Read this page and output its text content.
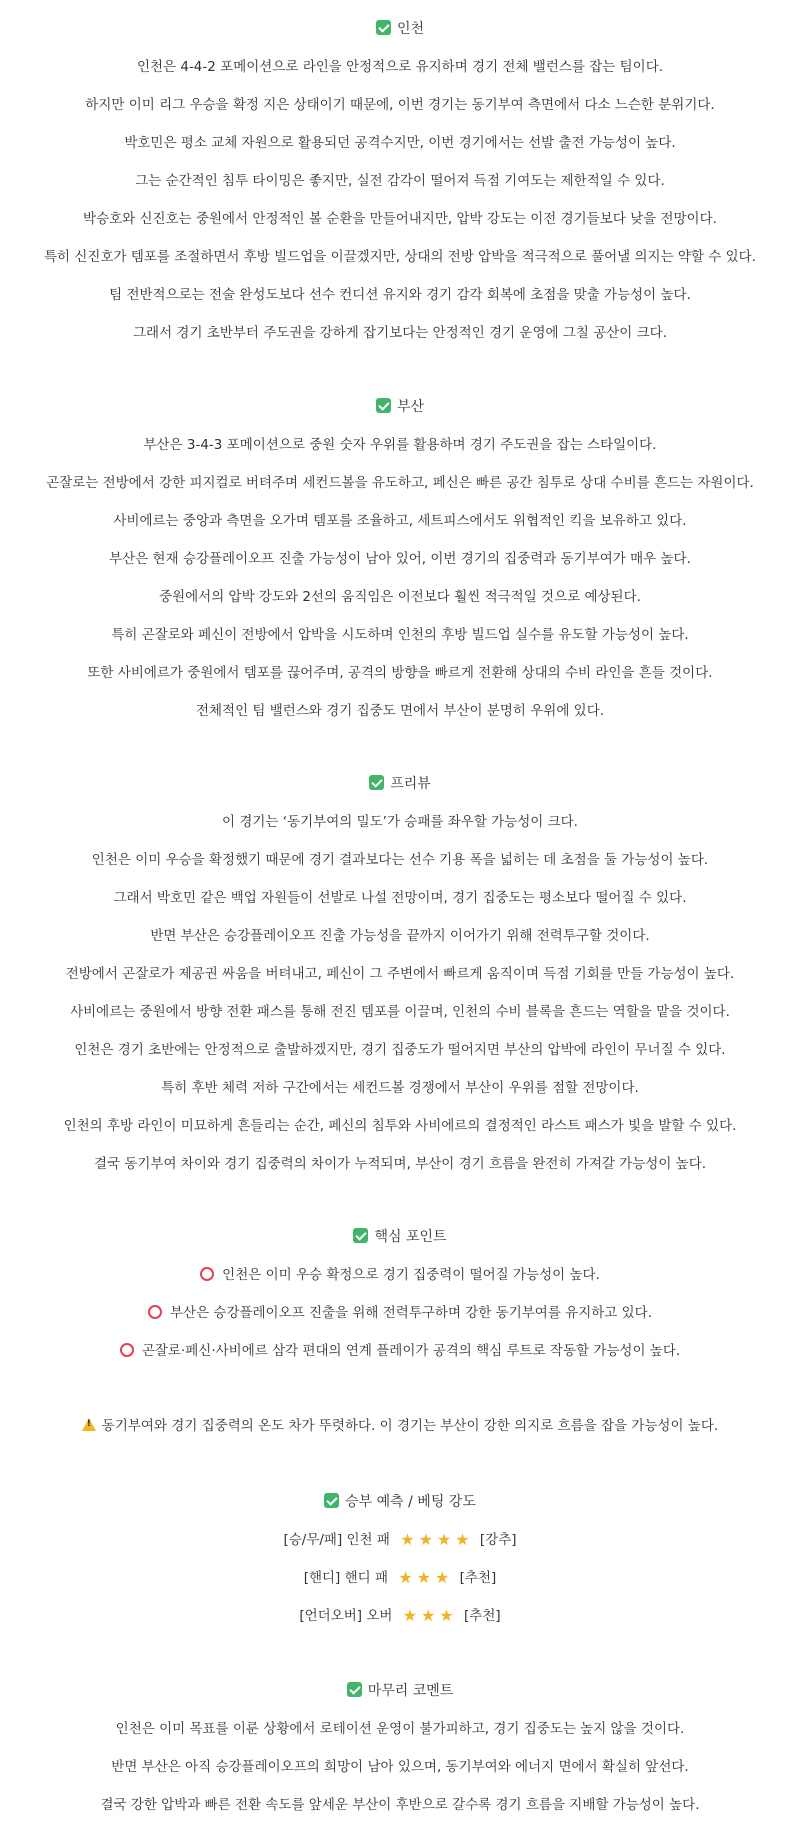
인천
인천은 4-4-2 포메이션으로 라인을 안정적으로 유지하며 경기 전체 밸런스를 잡는 팀이다.
하지만 이미 리그 우승을 확정 지은 상태이기 때문에, 이번 경기는 동기부여 측면에서 다소 느슨한 분위기다.
박호민은 평소 교체 자원으로 활용되던 공격수지만, 이번 경기에서는 선발 출전 가능성이 높다.
그는 순간적인 침투 타이밍은 좋지만, 실전 감각이 떨어져 득점 기여도는 제한적일 수 있다.
박승호와 신진호는 중원에서 안정적인 볼 순환을 만들어내지만, 압박 강도는 이전 경기들보다 낮을 전망이다.
특히 신진호가 템포를 조절하면서 후방 빌드업을 이끌겠지만, 상대의 전방 압박을 적극적으로 풀어낼 의지는 약할 수 있다.
팀 전반적으로는 전술 완성도보다 선수 컨디션 유지와 경기 감각 회복에 초점을 맞출 가능성이 높다.
그래서 경기 초반부터 주도권을 강하게 잡기보다는 안정적인 경기 운영에 그칠 공산이 크다.
부산
부산은 3-4-3 포메이션으로 중원 숫자 우위를 활용하며 경기 주도권을 잡는 스타일이다.
곤잘로는 전방에서 강한 피지컬로 버텨주며 세컨드볼을 유도하고, 페신은 빠른 공간 침투로 상대 수비를 흔드는 자원이다.
사비에르는 중앙과 측면을 오가며 템포를 조율하고, 세트피스에서도 위협적인 킥을 보유하고 있다.
부산은 현재 승강플레이오프 진출 가능성이 남아 있어, 이번 경기의 집중력과 동기부여가 매우 높다.
중원에서의 압박 강도와 2선의 움직임은 이전보다 훨씬 적극적일 것으로 예상된다.
특히 곤잘로와 페신이 전방에서 압박을 시도하며 인천의 후방 빌드업 실수를 유도할 가능성이 높다.
또한 사비에르가 중원에서 템포를 끊어주며, 공격의 방향을 빠르게 전환해 상대의 수비 라인을 흔들 것이다.
전체적인 팀 밸런스와 경기 집중도 면에서 부산이 분명히 우위에 있다.
프리뷰
이 경기는 ‘동기부여의 밀도’가 승패를 좌우할 가능성이 크다.
인천은 이미 우승을 확정했기 때문에 경기 결과보다는 선수 기용 폭을 넓히는 데 초점을 둘 가능성이 높다.
그래서 박호민 같은 백업 자원들이 선발로 나설 전망이며, 경기 집중도는 평소보다 떨어질 수 있다.
반면 부산은 승강플레이오프 진출 가능성을 끝까지 이어가기 위해 전력투구할 것이다.
전방에서 곤잘로가 제공권 싸움을 버텨내고, 페신이 그 주변에서 빠르게 움직이며 득점 기회를 만들 가능성이 높다.
사비에르는 중원에서 방향 전환 패스를 통해 전진 템포를 이끌며, 인천의 수비 블록을 흔드는 역할을 맡을 것이다.
인천은 경기 초반에는 안정적으로 출발하겠지만, 경기 집중도가 떨어지면 부산의 압박에 라인이 무너질 수 있다.
특히 후반 체력 저하 구간에서는 세컨드볼 경쟁에서 부산이 우위를 점할 전망이다.
인천의 후방 라인이 미묘하게 흔들리는 순간, 페신의 침투와 사비에르의 결정적인 라스트 패스가 빛을 발할 수 있다.
결국 동기부여 차이와 경기 집중력의 차이가 누적되며, 부산이 경기 흐름을 완전히 가져갈 가능성이 높다.
핵심 포인트
인천은 이미 우승 확정으로 경기 집중력이 떨어질 가능성이 높다.
부산은 승강플레이오프 진출을 위해 전력투구하며 강한 동기부여를 유지하고 있다.
곤잘로·페신·사비에르 삼각 편대의 연계 플레이가 공격의 핵심 루트로 작동할 가능성이 높다.
!동기부여와 경기 집중력의 온도 차가 뚜렷하다. 이 경기는 부산이 강한 의지로 흐름을 잡을 가능성이 높다.
승부 예측 / 베팅 강도
[승/무/패] 인천 패 ★ ★ ★ ★ [강추]
[핸디] 핸디 패 ★ ★ ★ [추천]
[언더오버] 오버 ★ ★ ★ [추천]
마무리 코멘트
인천은 이미 목표를 이룬 상황에서 로테이션 운영이 불가피하고, 경기 집중도는 높지 않을 것이다.
반면 부산은 아직 승강플레이오프의 희망이 남아 있으며, 동기부여와 에너지 면에서 확실히 앞선다.
결국 강한 압박과 빠른 전환 속도를 앞세운 부산이 후반으로 갈수록 경기 흐름을 지배할 가능성이 높다.
